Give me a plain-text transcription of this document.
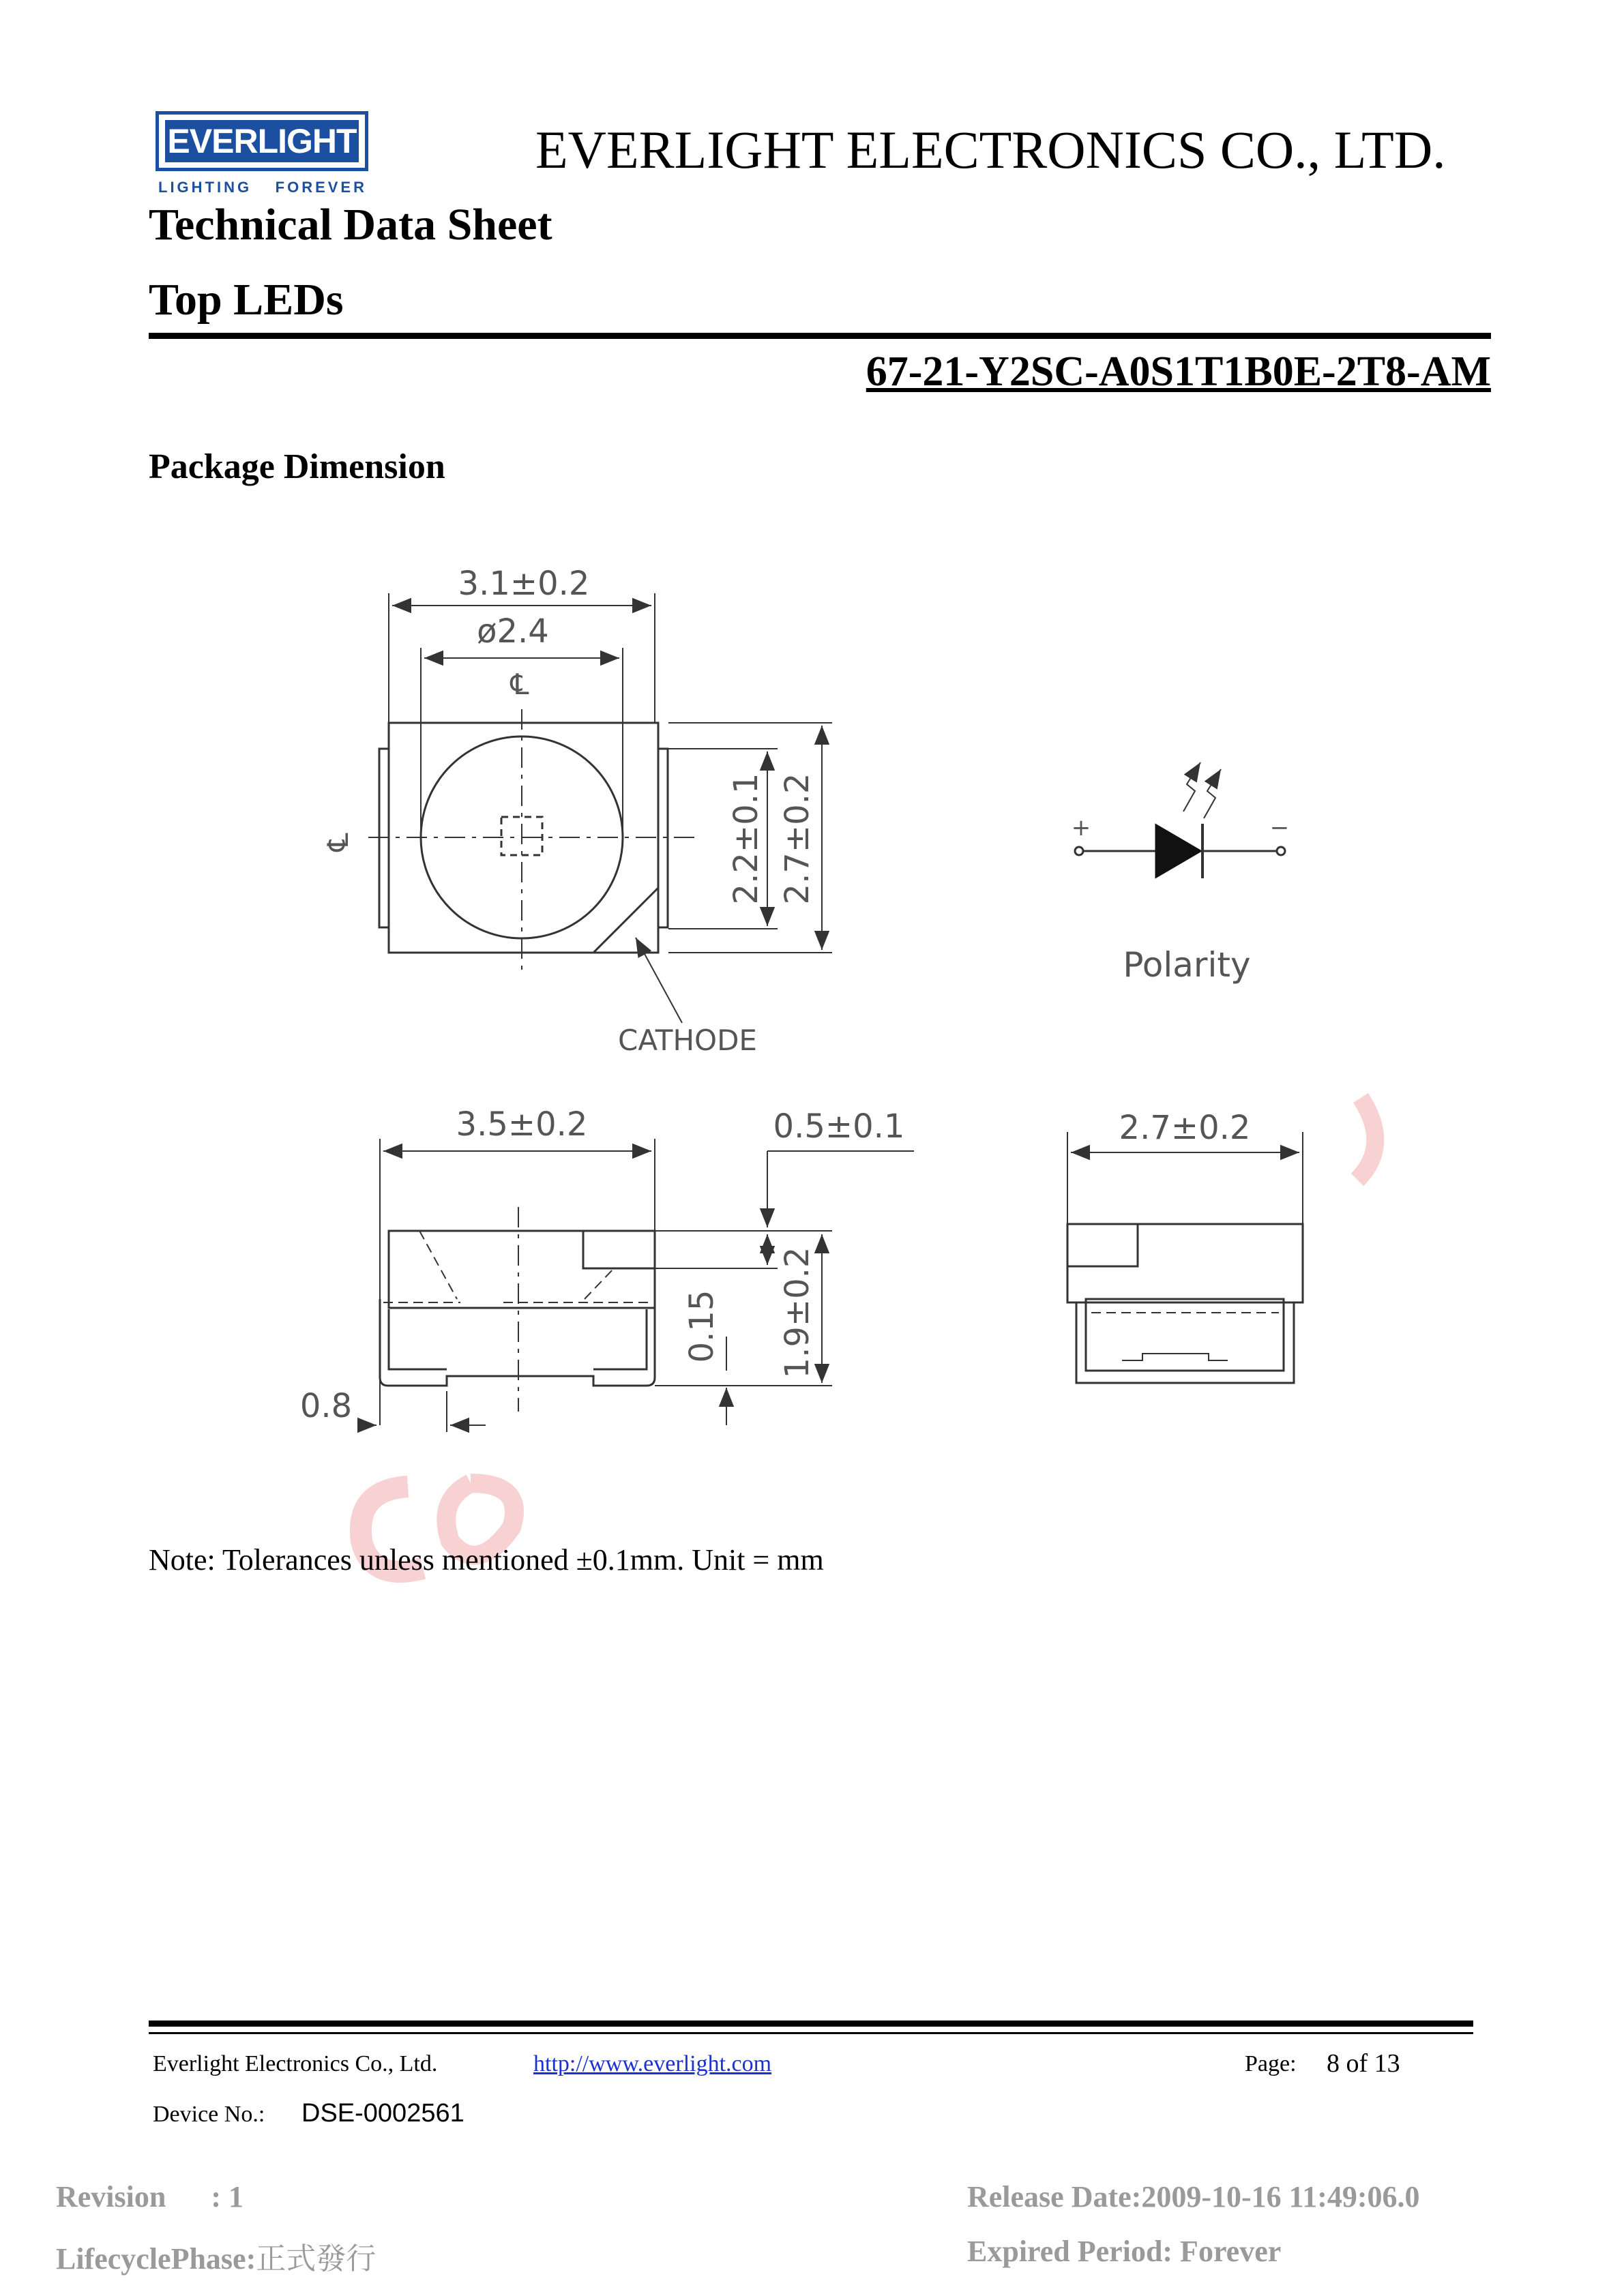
EVERLIGHT
LIGHTING FOREVER
EVERLIGHT ELECTRONICS CO., LTD.
Technical Data Sheet
Top LEDs
67-21-Y2SC-A0S1T1B0E-2T8-AM
Package Dimension
3.1±0.2
ø2.4
℄
℄	2.2±0.1 2.7±0.2
CATHODE
+	−
Polarity
3.5±0.2	0.5±0.1
0.15 1.9±0.2
0.8
2.7±0.2
Note: Tolerances unless mentioned ±0.1mm. Unit = mm
Everlight Electronics Co., Ltd.	http://www.everlight.com	Page: 8 of 13
Device No.: DSE-0002561
Revision      : 1	Release Date:2009-10-16 11:49:06.0
LifecyclePhase:正式發行	Expired Period: Forever
